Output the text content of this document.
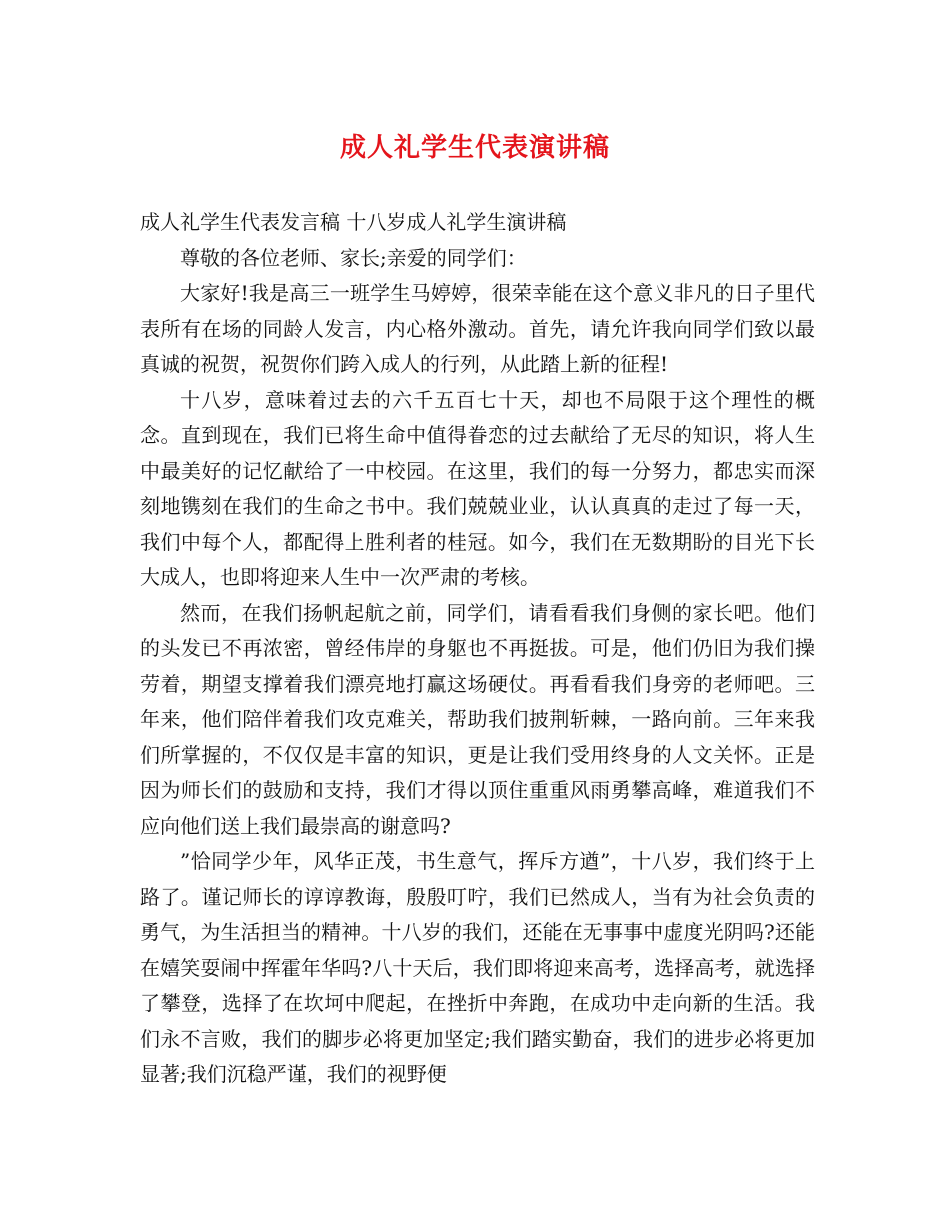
成人礼学生代表演讲稿

成人礼学生代表发言稿 十八岁成人礼学生演讲稿

尊敬的各位老师、家长;亲爱的同学们：

大家好!我是高三一班学生马婷婷，很荣幸能在这个意义非凡的日子里代表所有在场的同龄人发言，内心格外激动。首先，请允许我向同学们致以最真诚的祝贺，祝贺你们跨入成人的行列，从此踏上新的征程!

十八岁，意味着过去的六千五百七十天，却也不局限于这个理性的概念。直到现在，我们已将生命中值得眷恋的过去献给了无尽的知识，将人生中最美好的记忆献给了一中校园。在这里，我们的每一分努力，都忠实而深刻地镌刻在我们的生命之书中。我们兢兢业业，认认真真的走过了每一天，我们中每个人，都配得上胜利者的桂冠。如今，我们在无数期盼的目光下长大成人，也即将迎来人生中一次严肃的考核。

然而，在我们扬帆起航之前，同学们，请看看我们身侧的家长吧。他们的头发已不再浓密，曾经伟岸的身躯也不再挺拔。可是，他们仍旧为我们操劳着，期望支撑着我们漂亮地打赢这场硬仗。再看看我们身旁的老师吧。三年来，他们陪伴着我们攻克难关，帮助我们披荆斩棘，一路向前。三年来我们所掌握的，不仅仅是丰富的知识，更是让我们受用终身的人文关怀。正是因为师长们的鼓励和支持，我们才得以顶住重重风雨勇攀高峰，难道我们不应向他们送上我们最崇高的谢意吗?

”恰同学少年，风华正茂，书生意气，挥斥方遒”，十八岁，我们终于上路了。谨记师长的谆谆教诲，殷殷叮咛，我们已然成人，当有为社会负责的勇气，为生活担当的精神。十八岁的我们，还能在无事事中虚度光阴吗?还能在嬉笑耍闹中挥霍年华吗?八十天后，我们即将迎来高考，选择高考，就选择了攀登，选择了在坎坷中爬起，在挫折中奔跑，在成功中走向新的生活。我们永不言败，我们的脚步必将更加坚定;我们踏实勤奋，我们的进步必将更加显著;我们沉稳严谨，我们的视野便
